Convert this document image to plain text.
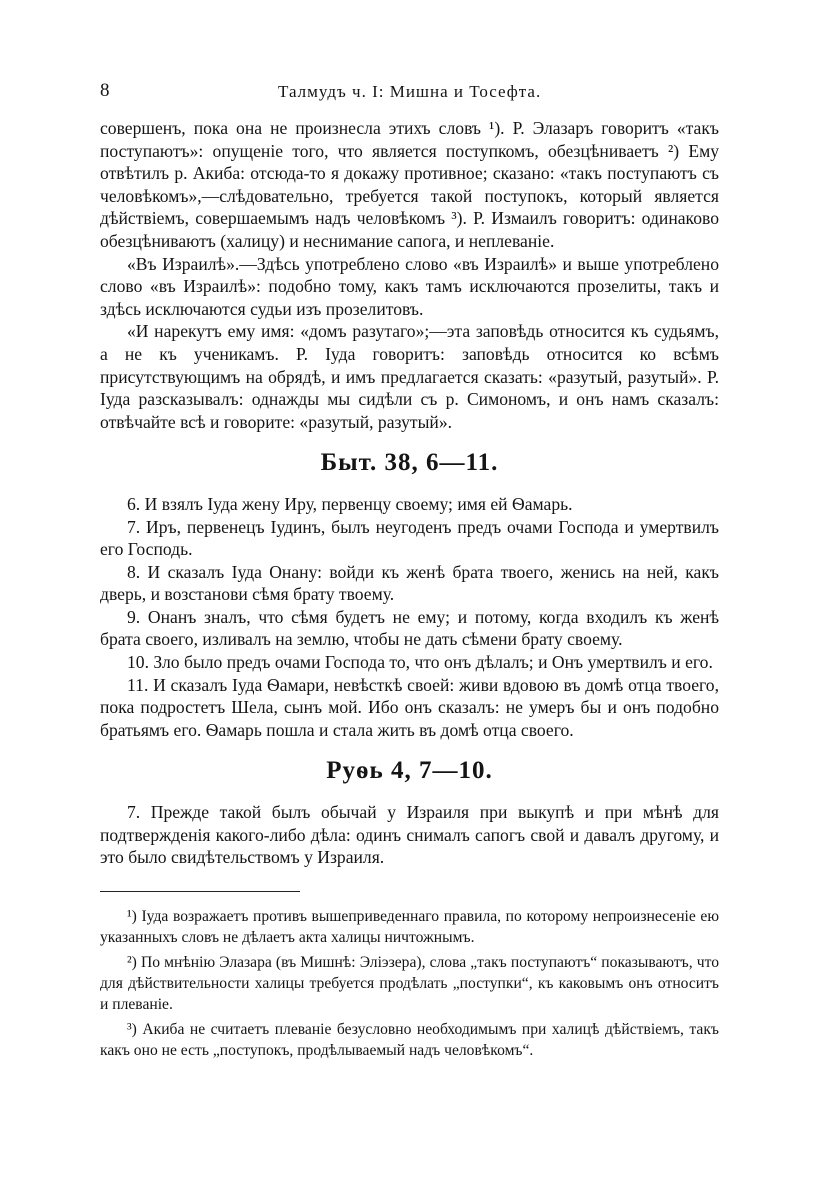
8	Талмудъ ч. I: Мишна и Тосефта.

совершенъ, пока она не произнесла этихъ словъ ¹). Р. Элазаръ говоритъ «такъ поступаютъ»: опущеніе того, что является поступкомъ, обезцѣниваетъ ²) Ему отвѣтилъ р. Акиба: отсюда-то я докажу противное; сказано: «такъ поступаютъ съ человѣкомъ»,—слѣдовательно, требуется такой поступокъ, который является дѣйствіемъ, совершаемымъ надъ человѣкомъ ³). Р. Измаилъ говоритъ: одинаково обезцѣниваютъ (халицу) и неснимание сапога, и неплеваніе.

«Въ Израилѣ».—Здѣсь употреблено слово «въ Израилѣ» и выше употреблено слово «въ Израилѣ»: подобно тому, какъ тамъ исключаются прозелиты, такъ и здѣсь исключаются судьи изъ прозелитовъ.

«И нарекутъ ему имя: «домъ разутаго»;—эта заповѣдь относится къ судьямъ, а не къ ученикамъ. Р. Іуда говоритъ: заповѣдь относится ко всѣмъ присутствующимъ на обрядѣ, и имъ предлагается сказать: «разутый, разутый». Р. Іуда разсказывалъ: однажды мы сидѣли съ р. Симономъ, и онъ намъ сказалъ: отвѣчайте всѣ и говорите: «разутый, разутый».

Быт. 38, 6—11.

6. И взялъ Іуда жену Иру, первенцу своему; имя ей Ѳамарь.

7. Иръ, первенецъ Іудинъ, былъ неугоденъ предъ очами Господа и умертвилъ его Господь.

8. И сказалъ Іуда Онану: войди къ женѣ брата твоего, женись на ней, какъ дверь, и возстанови сѣмя брату твоему.

9. Онанъ зналъ, что сѣмя будетъ не ему; и потому, когда входилъ къ женѣ брата своего, изливалъ на землю, чтобы не дать сѣмени брату своему.

10. Зло было предъ очами Господа то, что онъ дѣлалъ; и Онъ умертвилъ и его.

11. И сказалъ Іуда Ѳамари, невѣсткѣ своей: живи вдовою въ домѣ отца твоего, пока подростетъ Шела, сынъ мой. Ибо онъ сказалъ: не умеръ бы и онъ подобно братьямъ его. Ѳамарь пошла и стала жить въ домѣ отца своего.

Руѳь 4, 7—10.

7. Прежде такой былъ обычай у Израиля при выкупѣ и при мѣнѣ для подтвержденія какого-либо дѣла: одинъ снималъ сапогъ свой и давалъ другому, и это было свидѣтельствомъ у Израиля.

¹) Іуда возражаетъ противъ вышеприведеннаго правила, по которому непроизнесеніе ею указанныхъ словъ не дѣлаетъ акта халицы ничтожнымъ.

²) По мнѣнію Элазара (въ Мишнѣ: Эліэзера), слова „такъ поступаютъ“ показываютъ, что для дѣйствительности халицы требуется продѣлать „поступки“, къ каковымъ онъ относитъ и плеваніе.

³) Акиба не считаетъ плеваніе безусловно необходимымъ при халицѣ дѣйствіемъ, такъ какъ оно не есть „поступокъ, продѣлываемый надъ человѣкомъ“.
